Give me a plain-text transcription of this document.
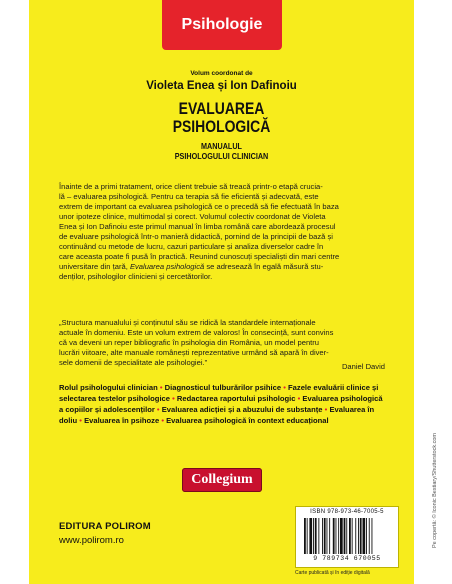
Psihologie
Volum coordonat de
Violeta Enea și Ion Dafinoiu
EVALUAREA
PSIHOLOGICĂ
MANUALUL
PSIHOLOGULUI CLINICIAN
Înainte de a primi tratament, orice client trebuie să treacă printr-o etapă crucia-
lă – evaluarea psihologică. Pentru ca terapia să fie eficientă și adecvată, este
extrem de important ca evaluarea psihologică ce o precedă să fie efectuată în baza
unor ipoteze clinice, multimodal și corect. Volumul colectiv coordonat de Violeta
Enea și Ion Dafinoiu este primul manual în limba română care abordează procesul
de evaluare psihologică într-o manieră didactică, pornind de la principii de bază și
continuând cu metode de lucru, cazuri particulare și analiza diverselor cadre în
care aceasta poate fi pusă în practică. Reunind cunoscuți specialiști din mari centre
universitare din țară, Evaluarea psihologică se adresează în egală măsură stu-
denților, psihologilor clinicieni și cercetătorilor.
„Structura manualului și conținutul său se ridică la standardele internaționale
actuale în domeniu. Este un volum extrem de valoros! În consecință, sunt convins
că va deveni un reper bibliografic în psihologia din România, un model pentru
lucrări viitoare, alte manuale românești reprezentative urmând să apară în diver-
sele domenii de specialitate ale psihologiei.”	Daniel David
Rolul psihologului clinician • Diagnosticul tulburărilor psihice • Fazele evaluării clinice și selectarea testelor psihologice • Redactarea raportului psihologic • Evaluarea psihologică a copiilor și adolescenților • Evaluarea adicției și a abuzului de substanțe • Evaluarea în doliu • Evaluarea în psihoze • Evaluarea psihologică în context educațional
Collegium
EDITURA POLIROM
www.polirom.ro
ISBN 978-973-46-7005-5
9 789734 670055
Carte publicată și în ediție digitală
Pe copertă: © Iconic Bestiary/Shutterstock.com
